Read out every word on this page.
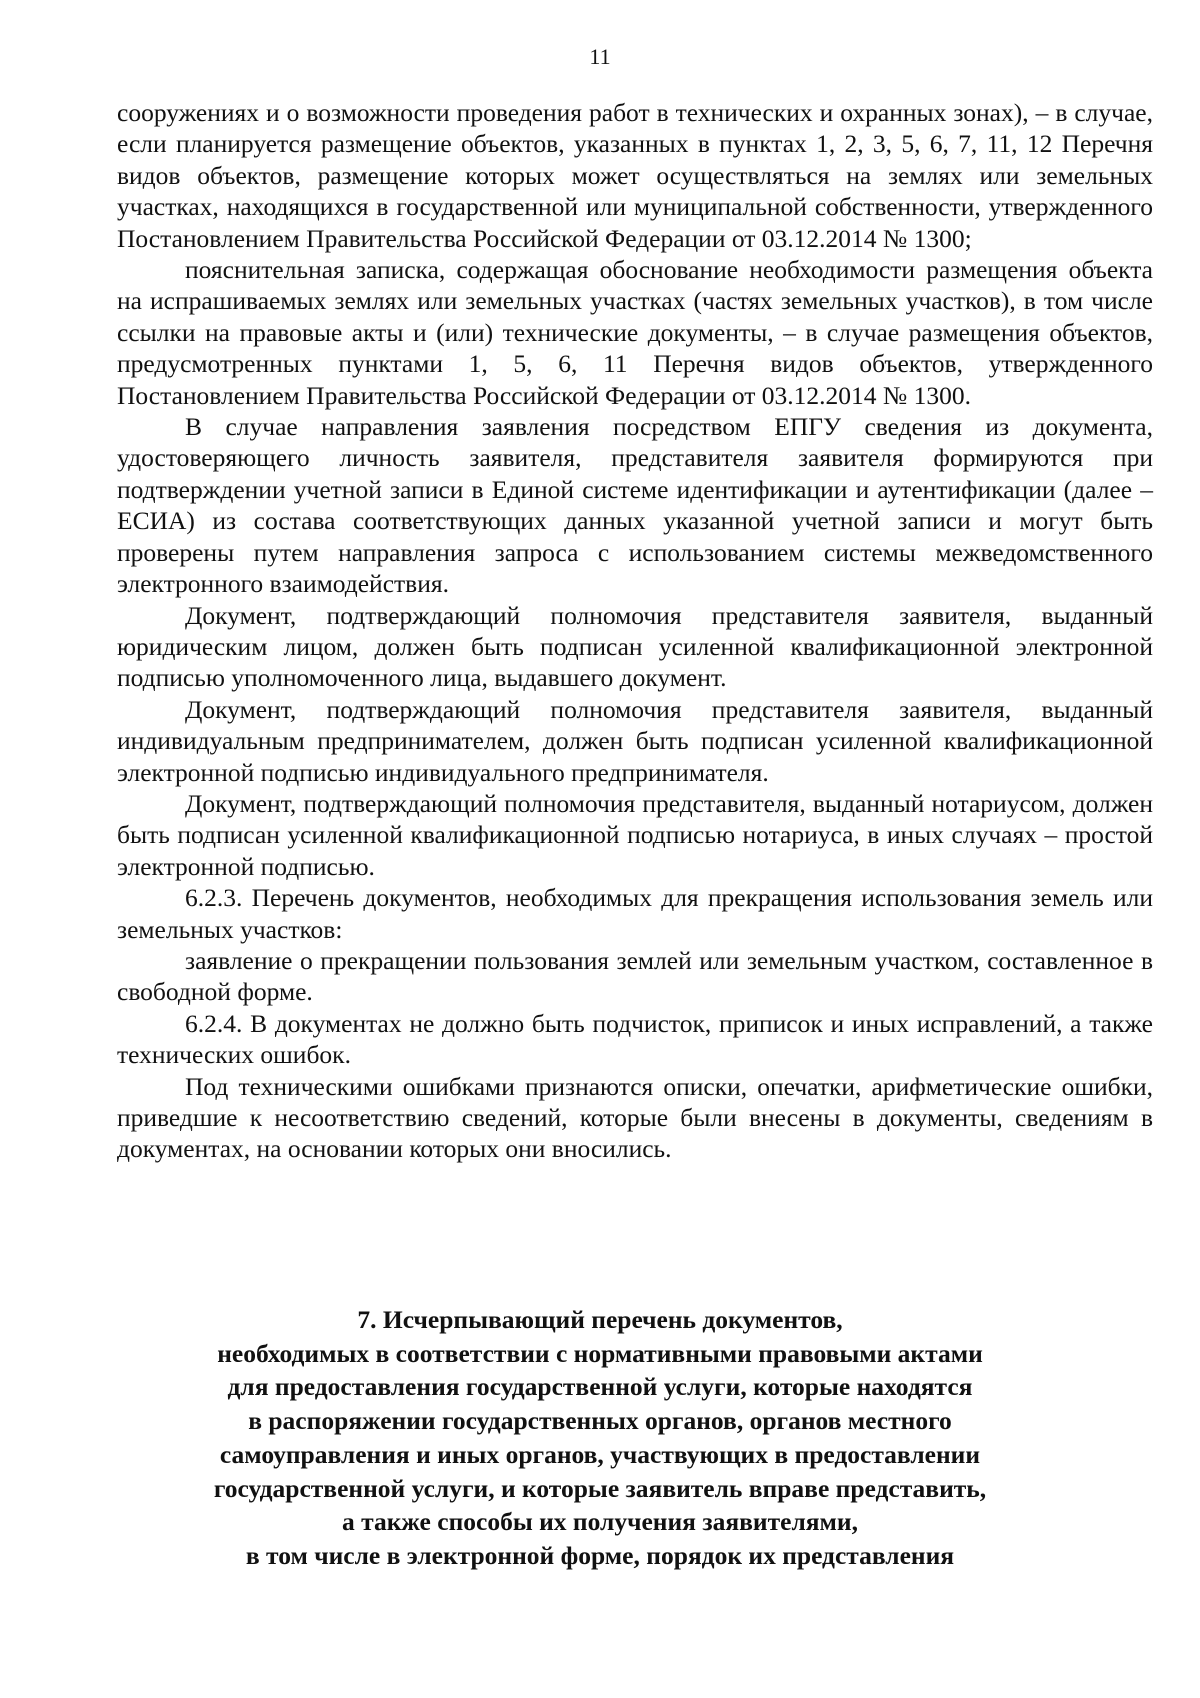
11

сооружениях и о возможности проведения работ в технических и охранных зонах), – в случае, если планируется размещение объектов, указанных в пунктах 1, 2, 3, 5, 6, 7, 11, 12 Перечня видов объектов, размещение которых может осуществляться на землях или земельных участках, находящихся в государственной или муниципальной собственности, утвержденного Постановлением Правительства Российской Федерации от 03.12.2014 № 1300;

пояснительная записка, содержащая обоснование необходимости размещения объекта на испрашиваемых землях или земельных участках (частях земельных участков), в том числе ссылки на правовые акты и (или) технические документы, – в случае размещения объектов, предусмотренных пунктами 1, 5, 6, 11 Перечня видов объектов, утвержденного Постановлением Правительства Российской Федерации от 03.12.2014 № 1300.

В случае направления заявления посредством ЕПГУ сведения из документа, удостоверяющего личность заявителя, представителя заявителя формируются при подтверждении учетной записи в Единой системе идентификации и аутентификации (далее – ЕСИА) из состава соответствующих данных указанной учетной записи и могут быть проверены путем направления запроса с использованием системы межведомственного электронного взаимодействия.

Документ, подтверждающий полномочия представителя заявителя, выданный юридическим лицом, должен быть подписан усиленной квалификационной электронной подписью уполномоченного лица, выдавшего документ.

Документ, подтверждающий полномочия представителя заявителя, выданный индивидуальным предпринимателем, должен быть подписан усиленной квалификационной электронной подписью индивидуального предпринимателя.

Документ, подтверждающий полномочия представителя, выданный нотариусом, должен быть подписан усиленной квалификационной подписью нотариуса, в иных случаях – простой электронной подписью.

6.2.3. Перечень документов, необходимых для прекращения использования земель или земельных участков:

заявление о прекращении пользования землей или земельным участком, составленное в свободной форме.

6.2.4. В документах не должно быть подчисток, приписок и иных исправлений, а также технических ошибок.

Под техническими ошибками признаются описки, опечатки, арифметические ошибки, приведшие к несоответствию сведений, которые были внесены в документы, сведениям в документах, на основании которых они вносились.

7. Исчерпывающий перечень документов,
необходимых в соответствии с нормативными правовыми актами
для предоставления государственной услуги, которые находятся
в распоряжении государственных органов, органов местного
самоуправления и иных органов, участвующих в предоставлении
государственной услуги, и которые заявитель вправе представить,
а также способы их получения заявителями,
в том числе в электронной форме, порядок их представления
